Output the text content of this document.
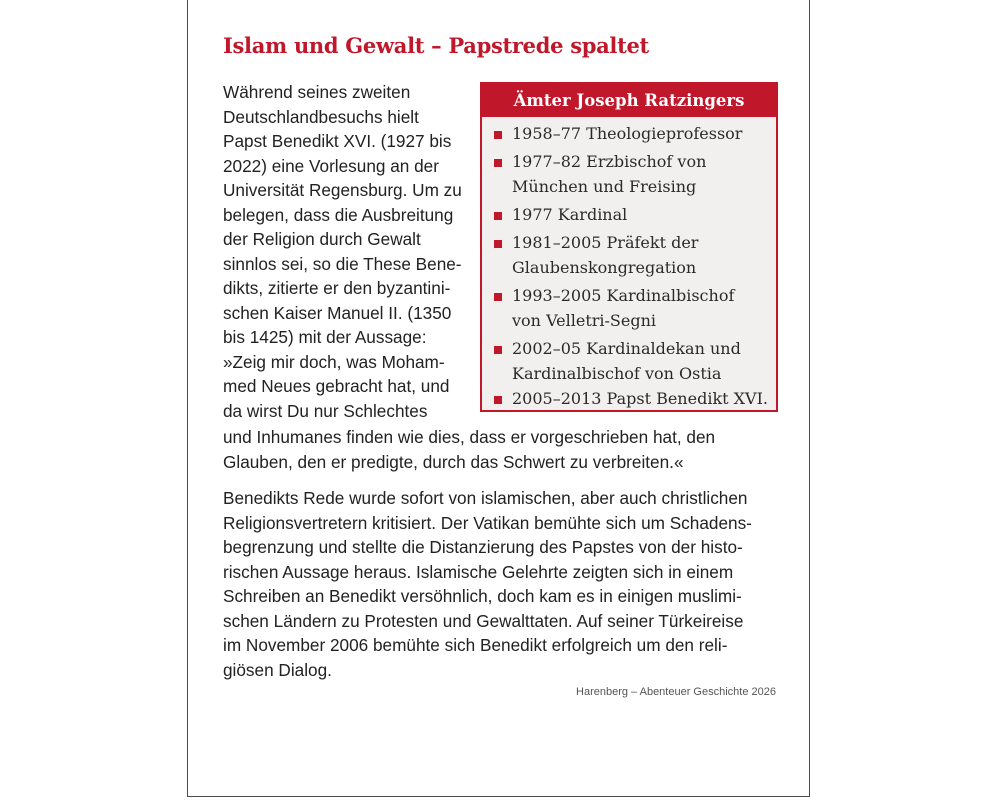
Islam und Gewalt – Papstrede spaltet
Während seines zweiten
Deutschlandbesuchs hielt
Papst Benedikt XVI. (1927 bis
2022) eine Vorlesung an der
Universität Regensburg. Um zu
belegen, dass die Ausbreitung
der Religion durch Gewalt
sinnlos sei, so die These Bene-
dikts, zitierte er den byzantini-
schen Kaiser Manuel II. (1350
bis 1425) mit der Aussage:
»Zeig mir doch, was Moham-
med Neues gebracht hat, und
da wirst Du nur Schlechtes
Ämter Joseph Ratzingers
1958–77 Theologieprofessor
1977–82 Erzbischof von
München und Freising
1977 Kardinal
1981–2005 Präfekt der
Glaubenskongregation
1993–2005 Kardinalbischof
von Velletri-Segni
2002–05 Kardinaldekan und
Kardinalbischof von Ostia
2005–2013 Papst Benedikt XVI.
und Inhumanes finden wie dies, dass er vorgeschrieben hat, den
Glauben, den er predigte, durch das Schwert zu verbreiten.«
Benedikts Rede wurde sofort von islamischen, aber auch christlichen
Religionsvertretern kritisiert. Der Vatikan bemühte sich um Schadens-
begrenzung und stellte die Distanzierung des Papstes von der histo-
rischen Aussage heraus. Islamische Gelehrte zeigten sich in einem
Schreiben an Benedikt versöhnlich, doch kam es in einigen muslimi-
schen Ländern zu Protesten und Gewalttaten. Auf seiner Türkeireise
im November 2006 bemühte sich Benedikt erfolgreich um den reli-
giösen Dialog.

Harenberg – Abenteuer Geschichte 2026
